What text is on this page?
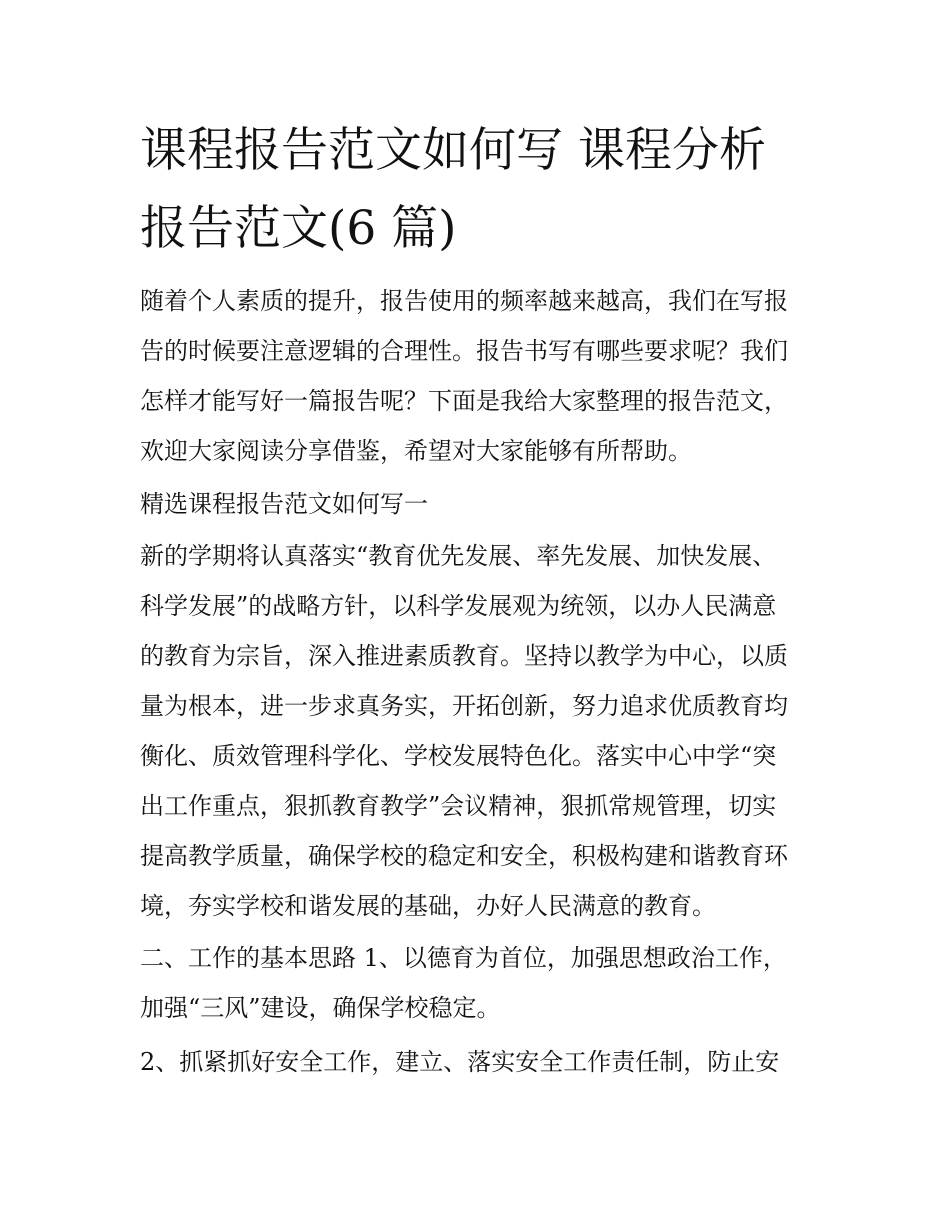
课程报告范文如何写 课程分析
报告范文(6 篇)
随着个人素质的提升，报告使用的频率越来越高，我们在写报
告的时候要注意逻辑的合理性。报告书写有哪些要求呢？我们
怎样才能写好一篇报告呢？下面是我给大家整理的报告范文，
欢迎大家阅读分享借鉴，希望对大家能够有所帮助。
精选课程报告范文如何写一
新的学期将认真落实“教育优先发展、率先发展、加快发展、
科学发展”的战略方针，以科学发展观为统领，以办人民满意
的教育为宗旨，深入推进素质教育。坚持以教学为中心，以质
量为根本，进一步求真务实，开拓创新，努力追求优质教育均
衡化、质效管理科学化、学校发展特色化。落实中心中学“突
出工作重点，狠抓教育教学”会议精神，狠抓常规管理，切实
提高教学质量，确保学校的稳定和安全，积极构建和谐教育环
境，夯实学校和谐发展的基础，办好人民满意的教育。
二、工作的基本思路 1、以德育为首位，加强思想政治工作，
加强“三风”建设，确保学校稳定。
2、抓紧抓好安全工作，建立、落实安全工作责任制，防止安
